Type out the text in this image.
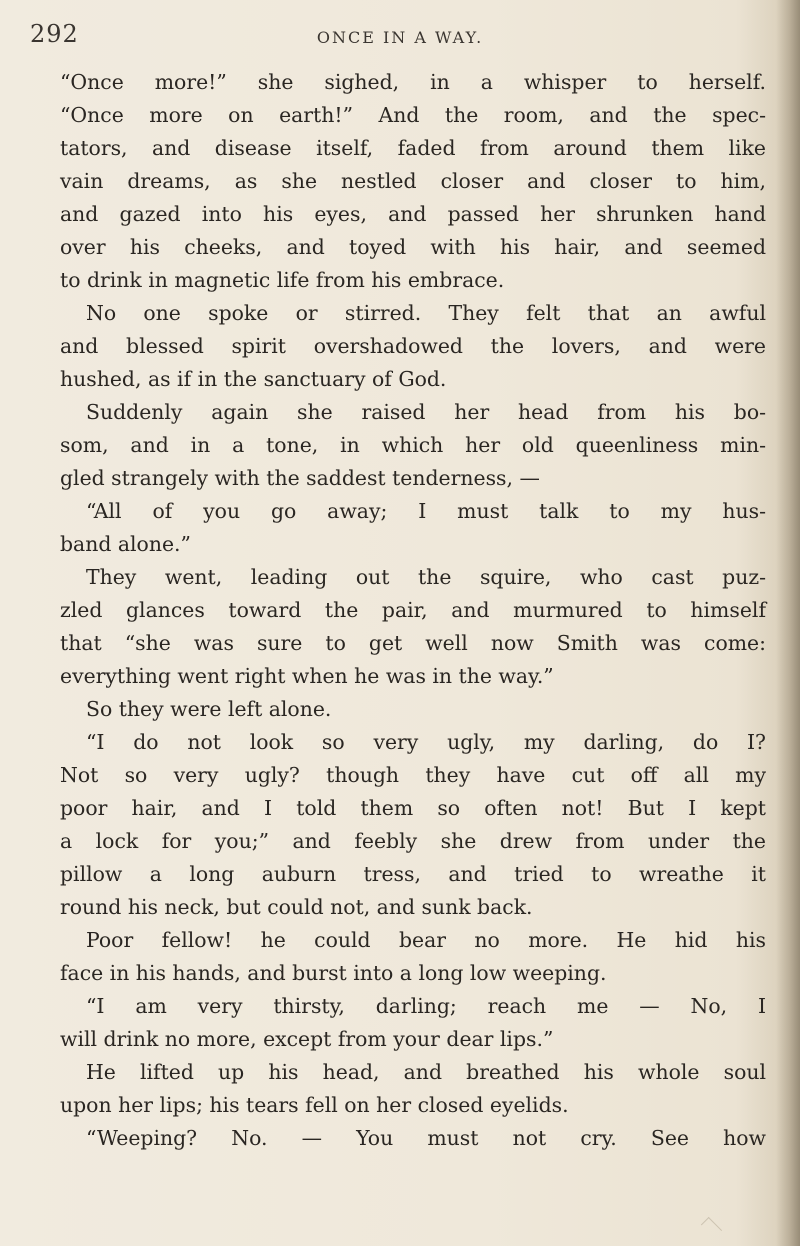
292	ONCE IN A WAY.
“Once more!” she sighed, in a whisper to herself.
“Once more on earth!” And the room, and the spec-
tators, and disease itself, faded from around them like
vain dreams, as she nestled closer and closer to him,
and gazed into his eyes, and passed her shrunken hand
over his cheeks, and toyed with his hair, and seemed
to drink in magnetic life from his embrace.
No one spoke or stirred. They felt that an awful
and blessed spirit overshadowed the lovers, and were
hushed, as if in the sanctuary of God.
Suddenly again she raised her head from his bo-
som, and in a tone, in which her old queenliness min-
gled strangely with the saddest tenderness, —
“All of you go away; I must talk to my hus-
band alone.”
They went, leading out the squire, who cast puz-
zled glances toward the pair, and murmured to himself
that “she was sure to get well now Smith was come:
everything went right when he was in the way.”
So they were left alone.
“I do not look so very ugly, my darling, do I?
Not so very ugly? though they have cut off all my
poor hair, and I told them so often not! But I kept
a lock for you;” and feebly she drew from under the
pillow a long auburn tress, and tried to wreathe it
round his neck, but could not, and sunk back.
Poor fellow! he could bear no more. He hid his
face in his hands, and burst into a long low weeping.
“I am very thirsty, darling; reach me — No, I
will drink no more, except from your dear lips.”
He lifted up his head, and breathed his whole soul
upon her lips; his tears fell on her closed eyelids.
“Weeping? No. — You must not cry. See how
